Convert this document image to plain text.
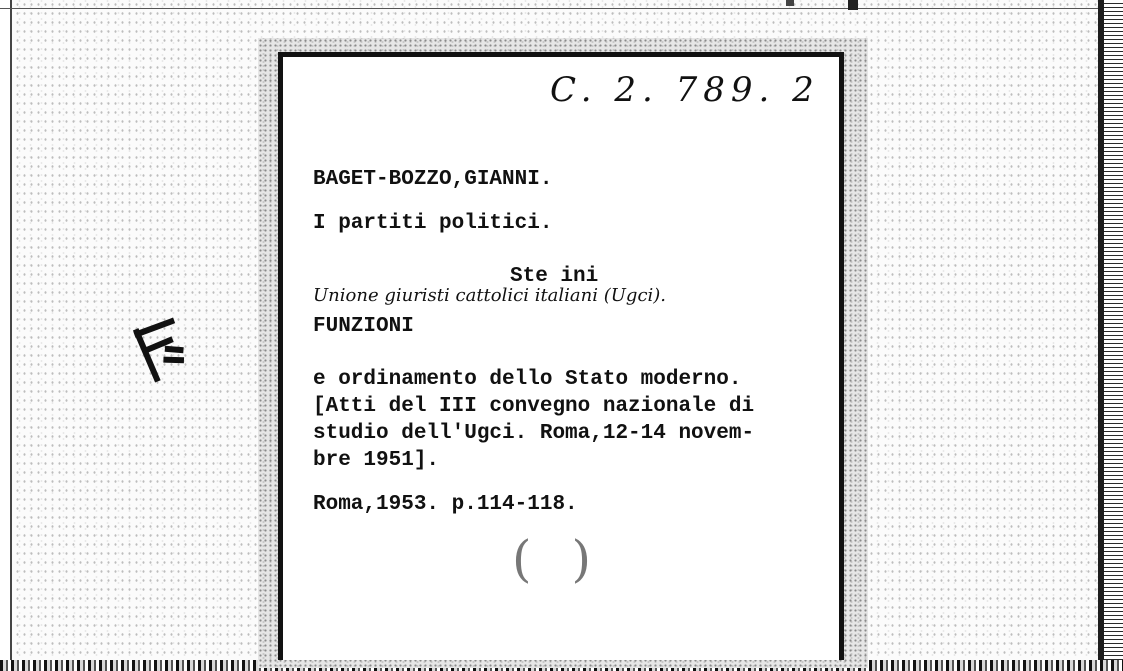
C. 2. 789. 2
BAGET-BOZZO,GIANNI.
I partiti politici.
Ste ini
Unione giuristi cattolici italiani (Ugci).
FUNZIONI
e ordinamento dello Stato moderno.
[Atti del III convegno nazionale di
studio dell'Ugci. Roma,12-14 novem-
bre 1951].
Roma,1953. p.114-118.
()
